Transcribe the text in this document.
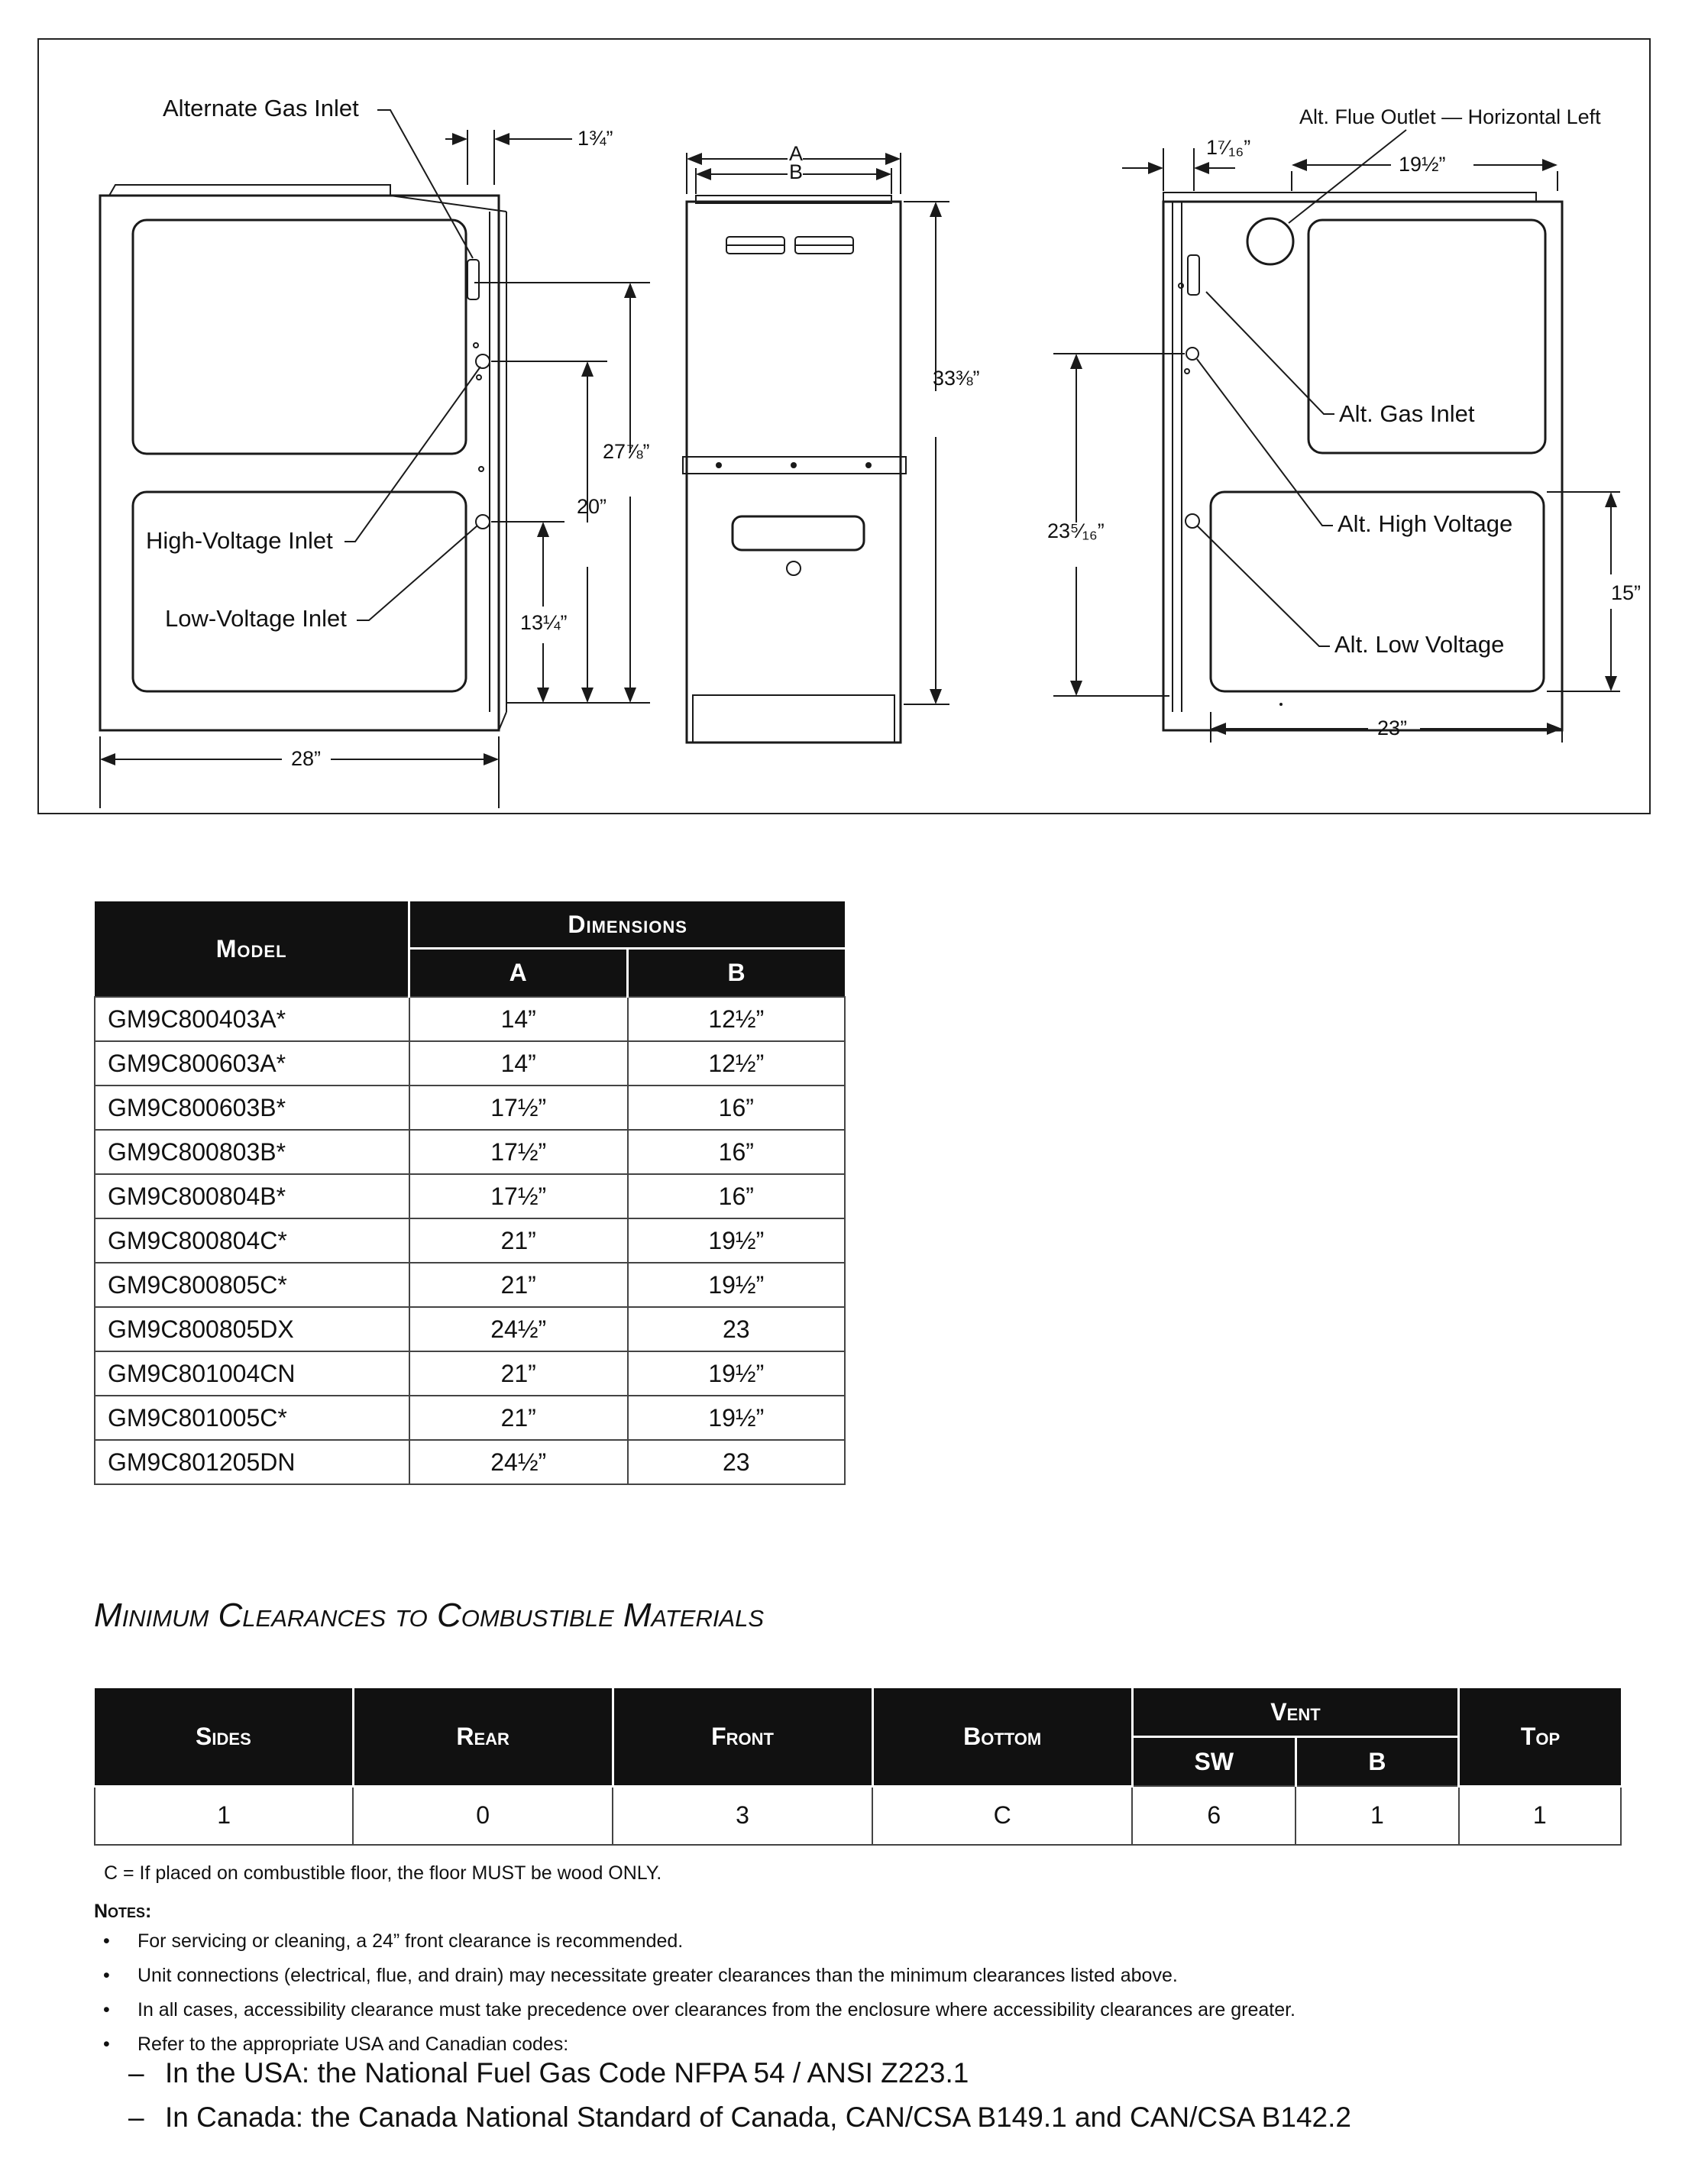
Alternate Gas Inlet
High-Voltage Inlet
Low-Voltage Inlet
1¾”
27⅞”
20”
13¼”
28”
A
B
33⅜”
Alt. Flue Outlet — Horizontal Left
1⁷⁄₁₆”
19½”
Alt. Gas Inlet
Alt. High Voltage
Alt. Low Voltage
23⁵⁄₁₆”
15”
23”
Model	Dimensions	
	A	B
GM9C800403A*	14”	12½”
GM9C800603A*	14”	12½”
GM9C800603B*	17½”	16”
GM9C800803B*	17½”	16”
GM9C800804B*	17½”	16”
GM9C800804C*	21”	19½”
GM9C800805C*	21”	19½”
GM9C800805DX	24½”	23
GM9C801004CN	21”	19½”
GM9C801005C*	21”	19½”
GM9C801205DN	24½”	23
Minimum Clearances to Combustible Materials
Sides	Rear	Front	Bottom	Vent		Top
				SW	B	
1	0	3	C	6	1	1
C = If placed on combustible floor, the floor MUST be wood ONLY.
Notes:
• For servicing or cleaning, a 24” front clearance is recommended.
• Unit connections (electrical, flue, and drain) may necessitate greater clearances than the minimum clearances listed above.
• In all cases, accessibility clearance must take precedence over clearances from the enclosure where accessibility clearances are greater.
• Refer to the appropriate USA and Canadian codes:
– In the USA: the National Fuel Gas Code NFPA 54 / ANSI Z223.1
– In Canada: the Canada National Standard of Canada, CAN/CSA B149.1 and CAN/CSA B142.2
